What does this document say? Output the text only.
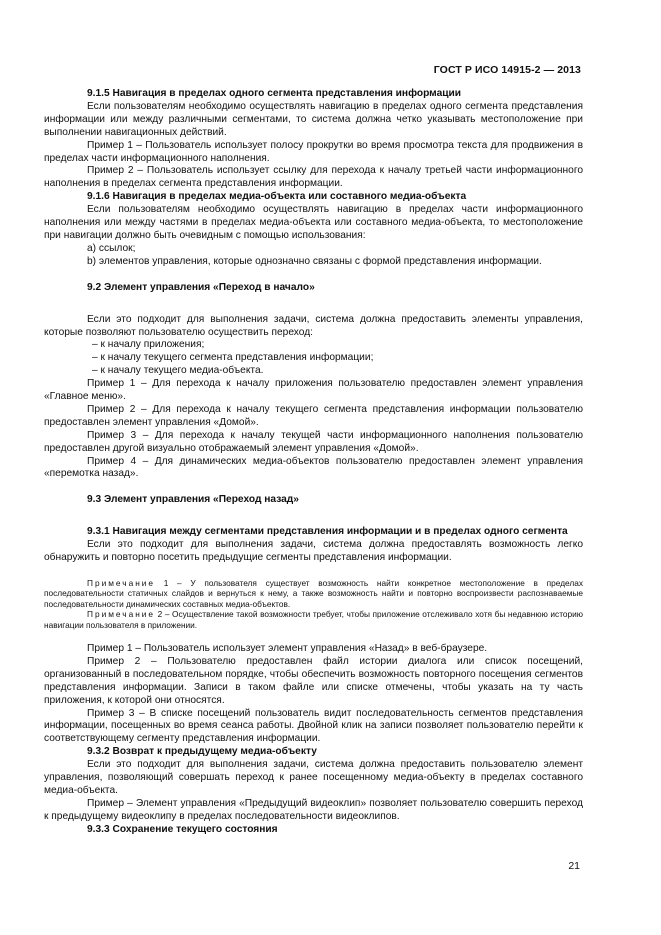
ГОСТ Р ИСО 14915-2 — 2013

9.1.5 Навигация в пределах одного сегмента представления информации

Если пользователям необходимо осуществлять навигацию в пределах одного сегмента представления информации или между различными сегментами, то система должна четко указывать местоположение при выполнении навигационных действий.

Пример 1 – Пользователь использует полосу прокрутки во время просмотра текста для продвижения в пределах части информационного наполнения.

Пример 2 – Пользователь использует ссылку для перехода к началу третьей части информационного наполнения в пределах сегмента представления информации.

9.1.6 Навигация в пределах медиа-объекта или составного медиа-объекта

Если пользователям необходимо осуществлять навигацию в пределах части информационного наполнения или между частями в пределах медиа-объекта или составного медиа-объекта, то местоположение при навигации должно быть очевидным с помощью использования:

а) ссылок;

b) элементов управления, которые однозначно связаны с формой представления информации.

9.2 Элемент управления «Переход в начало»

Если это подходит для выполнения задачи, система должна предоставить элементы управления, которые позволяют пользователю осуществить переход:

– к началу приложения;

– к началу текущего сегмента представления информации;

– к началу текущего медиа-объекта.

Пример 1 – Для перехода к началу приложения пользователю предоставлен элемент управления «Главное меню».

Пример 2 – Для перехода к началу текущего сегмента представления информации пользователю предоставлен элемент управления «Домой».

Пример 3 – Для перехода к началу текущей части информационного наполнения пользователю предоставлен другой визуально отображаемый элемент управления «Домой».

Пример 4 – Для динамических медиа-объектов пользователю предоставлен элемент управления «перемотка назад».

9.3 Элемент управления «Переход назад»

9.3.1 Навигация между сегментами представления информации и в пределах одного сегмента

Если это подходит для выполнения задачи, система должна предоставлять возможность легко обнаружить и повторно посетить предыдущие сегменты представления информации.

Примечание 1 – У пользователя существует возможность найти конкретное местоположение в пределах последовательности статичных слайдов и вернуться к нему, а также возможность найти и повторно воспроизвести распознаваемые последовательности динамических составных медиа-объектов.

Примечание 2 – Осуществление такой возможности требует, чтобы приложение отслеживало хотя бы недавнюю историю навигации пользователя в приложении.

Пример 1 – Пользователь использует элемент управления «Назад» в веб-браузере.

Пример 2 – Пользователю предоставлен файл истории диалога или список посещений, организованный в последовательном порядке, чтобы обеспечить возможность повторного посещения сегментов представления информации. Записи в таком файле или списке отмечены, чтобы указать на ту часть приложения, к которой они относятся.

Пример 3 – В списке посещений пользователь видит последовательность сегментов представления информации, посещенных во время сеанса работы. Двойной клик на записи позволяет пользователю перейти к соответствующему сегменту представления информации.

9.3.2 Возврат к предыдущему медиа-объекту

Если это подходит для выполнения задачи, система должна предоставить пользователю элемент управления, позволяющий совершать переход к ранее посещенному медиа-объекту в пределах составного медиа-объекта.

Пример – Элемент управления «Предыдущий видеоклип» позволяет пользователю совершить переход к предыдущему видеоклипу в пределах последовательности видеоклипов.

9.3.3 Сохранение текущего состояния

21
